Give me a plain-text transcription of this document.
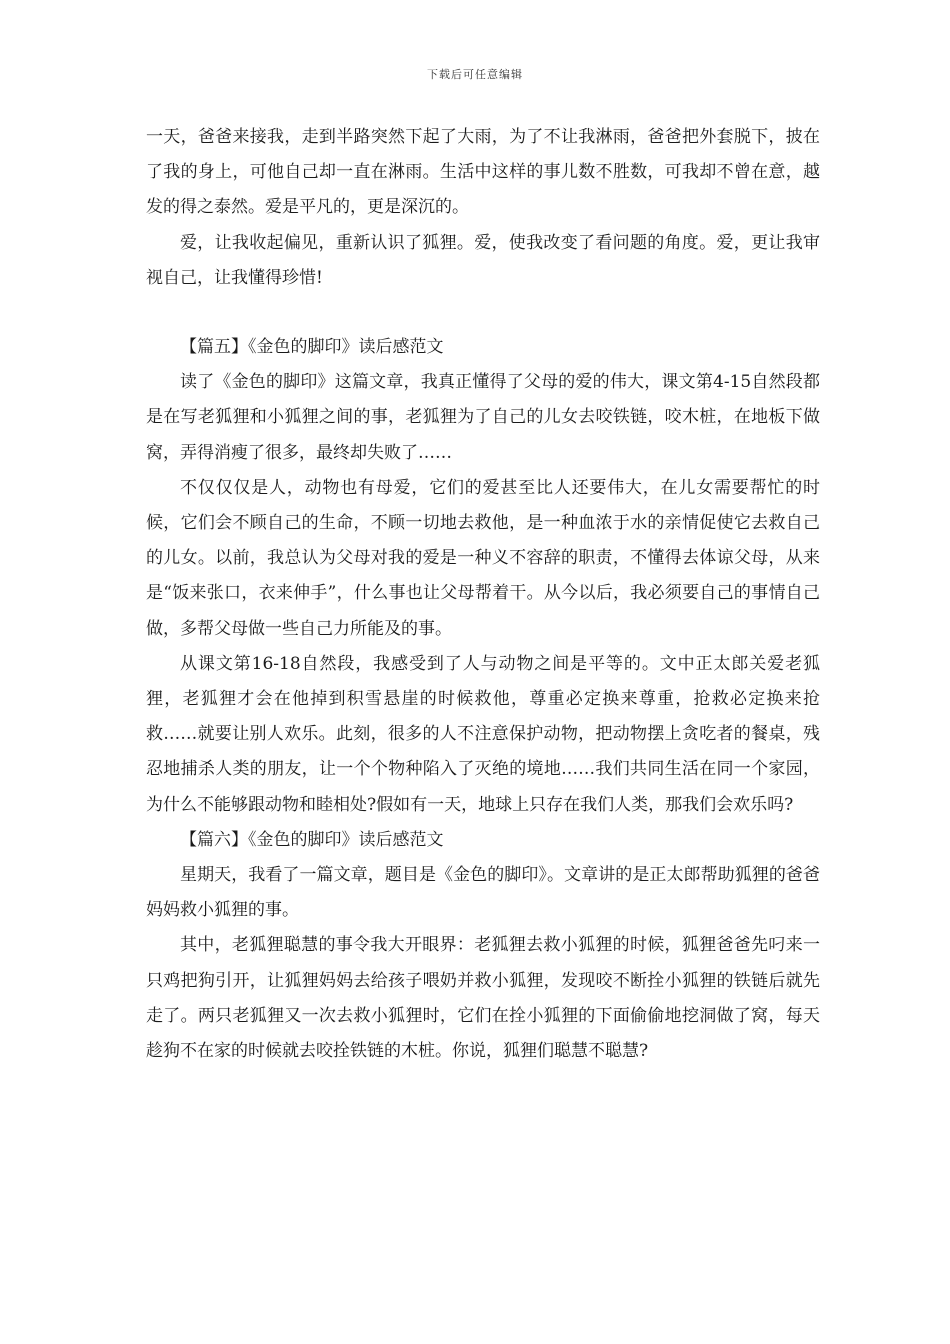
下载后可任意编辑

一天，爸爸来接我，走到半路突然下起了大雨，为了不让我淋雨，爸爸把外套脱下，披在了我的身上，可他自己却一直在淋雨。生活中这样的事儿数不胜数，可我却不曾在意，越发的得之泰然。爱是平凡的，更是深沉的。

爱，让我收起偏见，重新认识了狐狸。爱，使我改变了看问题的角度。爱，更让我审视自己，让我懂得珍惜!

【篇五】《金色的脚印》读后感范文

读了《金色的脚印》这篇文章，我真正懂得了父母的爱的伟大，课文第4-15自然段都是在写老狐狸和小狐狸之间的事，老狐狸为了自己的儿女去咬铁链，咬木桩，在地板下做窝，弄得消瘦了很多，最终却失败了……

不仅仅仅是人，动物也有母爱，它们的爱甚至比人还要伟大，在儿女需要帮忙的时候，它们会不顾自己的生命，不顾一切地去救他，是一种血浓于水的亲情促使它去救自己的儿女。以前，我总认为父母对我的爱是一种义不容辞的职责，不懂得去体谅父母，从来是“饭来张口，衣来伸手”，什么事也让父母帮着干。从今以后，我必须要自己的事情自己做，多帮父母做一些自己力所能及的事。

从课文第16-18自然段，我感受到了人与动物之间是平等的。文中正太郎关爱老狐狸，老狐狸才会在他掉到积雪悬崖的时候救他，尊重必定换来尊重，抢救必定换来抢救……就要让别人欢乐。此刻，很多的人不注意保护动物，把动物摆上贪吃者的餐桌，残忍地捕杀人类的朋友，让一个个物种陷入了灭绝的境地……我们共同生活在同一个家园，为什么不能够跟动物和睦相处?假如有一天，地球上只存在我们人类，那我们会欢乐吗?

【篇六】《金色的脚印》读后感范文

星期天，我看了一篇文章，题目是《金色的脚印》。文章讲的是正太郎帮助狐狸的爸爸妈妈救小狐狸的事。

其中，老狐狸聪慧的事令我大开眼界：老狐狸去救小狐狸的时候，狐狸爸爸先叼来一只鸡把狗引开，让狐狸妈妈去给孩子喂奶并救小狐狸，发现咬不断拴小狐狸的铁链后就先走了。两只老狐狸又一次去救小狐狸时，它们在拴小狐狸的下面偷偷地挖洞做了窝，每天趁狗不在家的时候就去咬拴铁链的木桩。你说，狐狸们聪慧不聪慧?
